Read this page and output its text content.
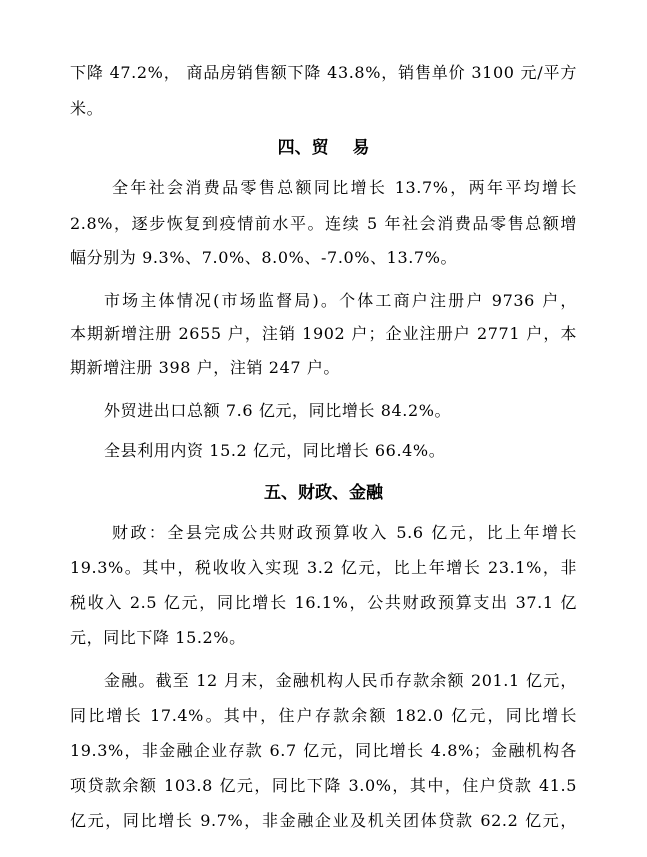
下降 47.2%， 商品房销售额下降 43.8%，销售单价 3100 元/平方
米。
四、贸    易
全年社会消费品零售总额同比增长 13.7%，两年平均增长
2.8%，逐步恢复到疫情前水平。连续 5 年社会消费品零售总额增
幅分别为 9.3%、7.0%、8.0%、-7.0%、13.7%。
市场主体情况(市场监督局)。个体工商户注册户 9736 户，
本期新增注册 2655 户，注销 1902 户；企业注册户 2771 户，本
期新增注册 398 户，注销 247 户。
外贸进出口总额 7.6 亿元，同比增长 84.2%。
全县利用内资 15.2 亿元，同比增长 66.4%。
五、财政、金融
财政：全县完成公共财政预算收入 5.6 亿元，比上年增长
19.3%。其中，税收收入实现 3.2 亿元，比上年增长 23.1%，非
税收入 2.5 亿元，同比增长 16.1%，公共财政预算支出 37.1 亿
元，同比下降 15.2%。
金融。截至 12 月末，金融机构人民币存款余额 201.1 亿元，
同比增长 17.4%。其中，住户存款余额 182.0 亿元，同比增长
19.3%，非金融企业存款 6.7 亿元，同比增长 4.8%；金融机构各
项贷款余额 103.8 亿元，同比下降 3.0%，其中，住户贷款 41.5
亿元，同比增长 9.7%，非金融企业及机关团体贷款 62.2 亿元，
